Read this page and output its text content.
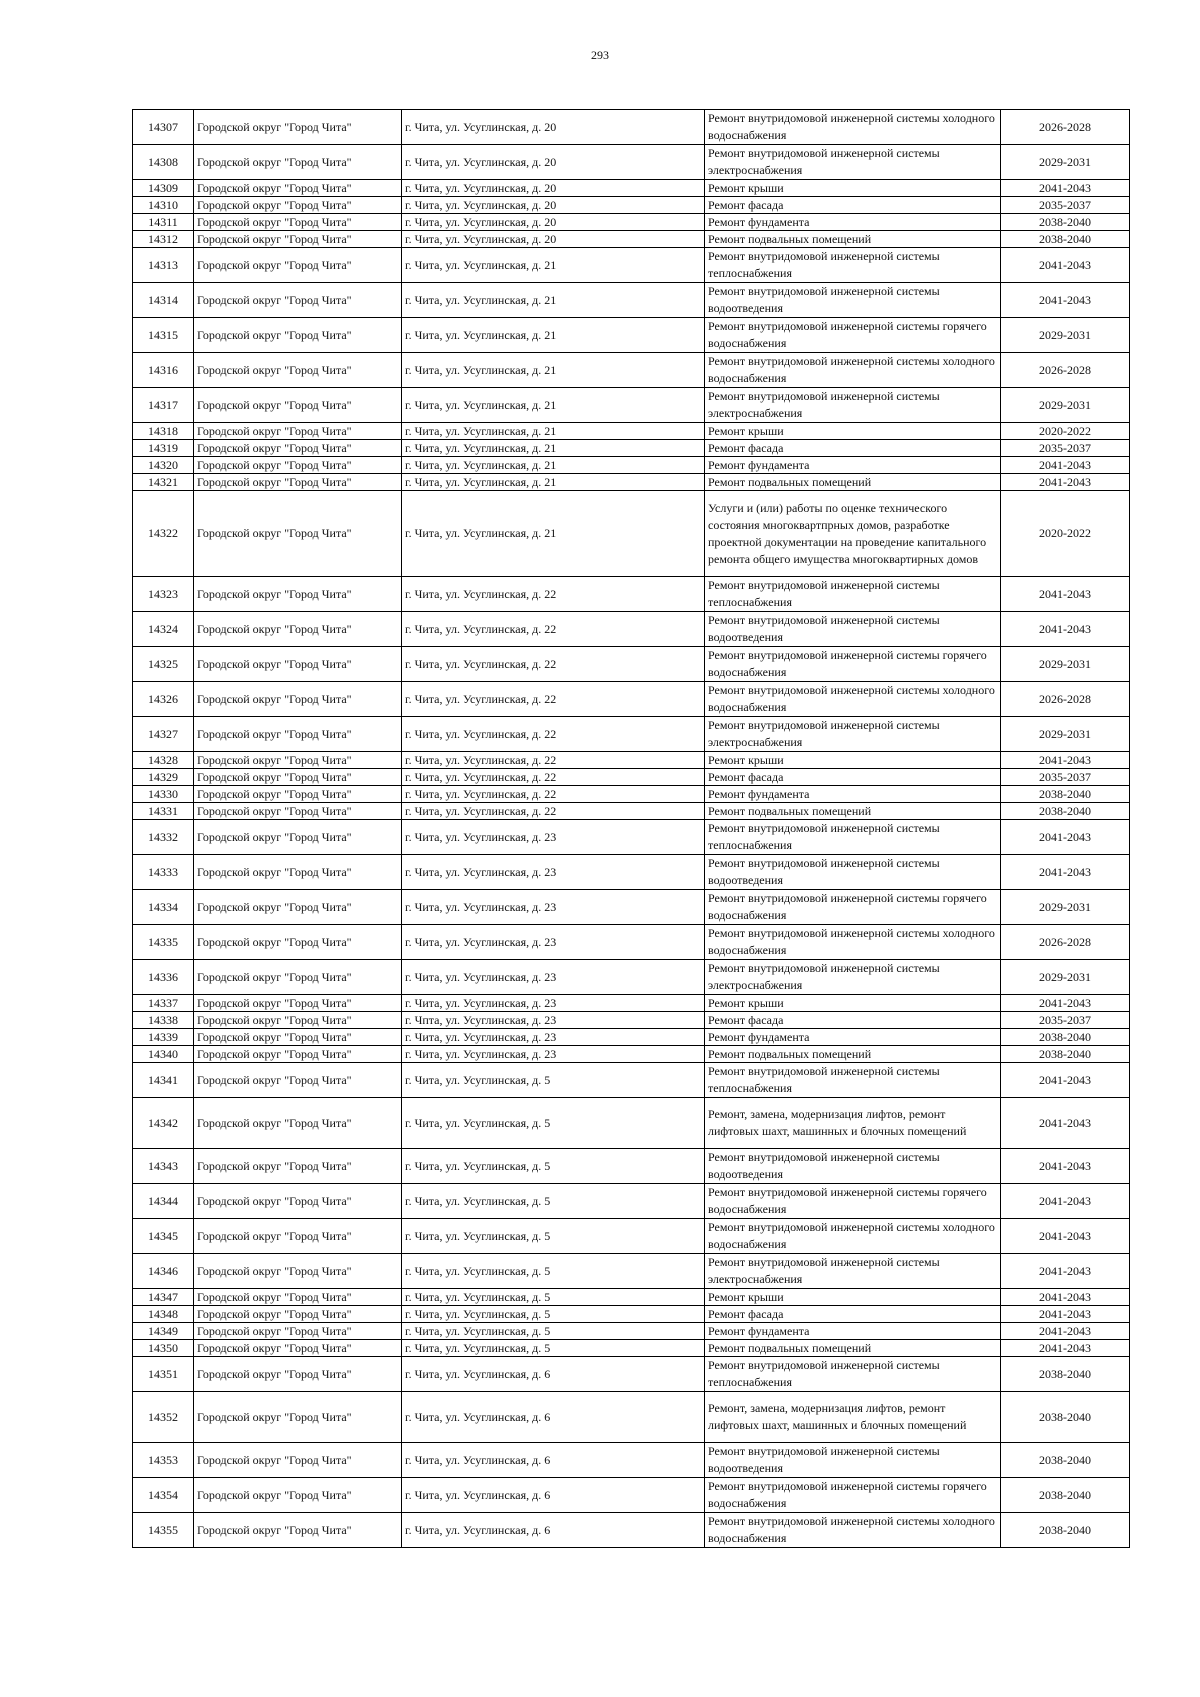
293
14307	Городской округ "Город Чита"	г. Чита, ул. Усуглинская, д. 20	Ремонт внутридомовой инженерной системы холодного водоснабжения	2026-2028
14308	Городской округ "Город Чита"	г. Чита, ул. Усуглинская, д. 20	Ремонт внутридомовой инженерной системы электроснабжения	2029-2031
14309	Городской округ "Город Чита"	г. Чита, ул. Усуглинская, д. 20	Ремонт крыши	2041-2043
14310	Городской округ "Город Чита"	г. Чита, ул. Усуглинская, д. 20	Ремонт фасада	2035-2037
14311	Городской округ "Город Чита"	г. Чита, ул. Усуглинская, д. 20	Ремонт фундамента	2038-2040
14312	Городской округ "Город Чита"	г. Чита, ул. Усуглинская, д. 20	Ремонт подвальных помещений	2038-2040
14313	Городской округ "Город Чита"	г. Чита, ул. Усуглинская, д. 21	Ремонт внутридомовой инженерной системы теплоснабжения	2041-2043
14314	Городской округ "Город Чита"	г. Чита, ул. Усуглинская, д. 21	Ремонт внутридомовой инженерной системы водоотведения	2041-2043
14315	Городской округ "Город Чита"	г. Чита, ул. Усуглинская, д. 21	Ремонт внутридомовой инженерной системы горячего водоснабжения	2029-2031
14316	Городской округ "Город Чита"	г. Чита, ул. Усуглинская, д. 21	Ремонт внутридомовой инженерной системы холодного водоснабжения	2026-2028
14317	Городской округ "Город Чита"	г. Чита, ул. Усуглинская, д. 21	Ремонт внутридомовой инженерной системы электроснабжения	2029-2031
14318	Городской округ "Город Чита"	г. Чита, ул. Усуглинская, д. 21	Ремонт крыши	2020-2022
14319	Городской округ "Город Чита"	г. Чита, ул. Усуглинская, д. 21	Ремонт фасада	2035-2037
14320	Городской округ "Город Чита"	г. Чита, ул. Усуглинская, д. 21	Ремонт фундамента	2041-2043
14321	Городской округ "Город Чита"	г. Чита, ул. Усуглинская, д. 21	Ремонт подвальных помещений	2041-2043
14322	Городской округ "Город Чита"	г. Чита, ул. Усуглинская, д. 21	Услуги и (или) работы по оценке технического состояния многоквартпрных домов, разработке проектной документации на проведение капитального ремонта общего имущества многоквартирных домов	2020-2022
14323	Городской округ "Город Чита"	г. Чита, ул. Усуглинская, д. 22	Ремонт внутридомовой инженерной системы теплоснабжения	2041-2043
14324	Городской округ "Город Чита"	г. Чита, ул. Усуглинская, д. 22	Ремонт внутридомовой инженерной системы водоотведения	2041-2043
14325	Городской округ "Город Чита"	г. Чита, ул. Усуглинская, д. 22	Ремонт внутридомовой инженерной системы горячего водоснабжения	2029-2031
14326	Городской округ "Город Чита"	г. Чита, ул. Усуглинская, д. 22	Ремонт внутридомовой инженерной системы холодного водоснабжения	2026-2028
14327	Городской округ "Город Чита"	г. Чита, ул. Усуглинская, д. 22	Ремонт внутридомовой инженерной системы электроснабжения	2029-2031
14328	Городской округ "Город Чита"	г. Чита, ул. Усуглинская, д. 22	Ремонт крыши	2041-2043
14329	Городской округ "Город Чита"	г. Чита, ул. Усуглинская, д. 22	Ремонт фасада	2035-2037
14330	Городской округ "Город Чита"	г. Чита, ул. Усуглинская, д. 22	Ремонт фундамента	2038-2040
14331	Городской округ "Город Чита"	г. Чита, ул. Усуглинская, д. 22	Ремонт подвальных помещений	2038-2040
14332	Городской округ "Город Чита"	г. Чита, ул. Усуглинская, д. 23	Ремонт внутридомовой инженерной системы теплоснабжения	2041-2043
14333	Городской округ "Город Чита"	г. Чита, ул. Усуглинская, д. 23	Ремонт внутридомовой инженерной системы водоотведения	2041-2043
14334	Городской округ "Город Чита"	г. Чита, ул. Усуглинская, д. 23	Ремонт внутридомовой инженерной системы горячего водоснабжения	2029-2031
14335	Городской округ "Город Чита"	г. Чита, ул. Усуглинская, д. 23	Ремонт внутридомовой инженерной системы холодного водоснабжения	2026-2028
14336	Городской округ "Город Чита"	г. Чита, ул. Усуглинская, д. 23	Ремонт внутридомовой инженерной системы электроснабжения	2029-2031
14337	Городской округ "Город Чита"	г. Чита, ул. Усуглинская, д. 23	Ремонт крыши	2041-2043
14338	Городской округ "Город Чита"	г. Чпта, ул. Усуглинская, д. 23	Ремонт фасада	2035-2037
14339	Городской округ "Город Чита"	г. Чита, ул. Усуглинская, д. 23	Ремонт фундамента	2038-2040
14340	Городской округ "Город Чита"	г. Чита, ул. Усуглинская, д. 23	Ремонт подвальных помещений	2038-2040
14341	Городской округ "Город Чита"	г. Чита, ул. Усуглинская, д. 5	Ремонт внутридомовой инженерной системы теплоснабжения	2041-2043
14342	Городской округ "Город Чита"	г. Чита, ул. Усуглинская, д. 5	Ремонт, замена, модернизация лифтов, ремонт лифтовых шахт, машинных и блочных помещений	2041-2043
14343	Городской округ "Город Чита"	г. Чита, ул. Усуглинская, д. 5	Ремонт внутридомовой инженерной системы водоотведения	2041-2043
14344	Городской округ "Город Чита"	г. Чита, ул. Усуглинская, д. 5	Ремонт внутридомовой инженерной системы горячего водоснабжения	2041-2043
14345	Городской округ "Город Чита"	г. Чита, ул. Усуглинская, д. 5	Ремонт внутридомовой инженерной системы холодного водоснабжения	2041-2043
14346	Городской округ "Город Чита"	г. Чита, ул. Усуглинская, д. 5	Ремонт внутридомовой инженерной системы электроснабжения	2041-2043
14347	Городской округ "Город Чита"	г. Чита, ул. Усуглинская, д. 5	Ремонт крыши	2041-2043
14348	Городской округ "Город Чита"	г. Чита, ул. Усуглинская, д. 5	Ремонт фасада	2041-2043
14349	Городской округ "Город Чита"	г. Чита, ул. Усуглинская, д. 5	Ремонт фундамента	2041-2043
14350	Городской округ "Город Чита"	г. Чита, ул. Усуглинская, д. 5	Ремонт подвальных помещений	2041-2043
14351	Городской округ "Город Чита"	г. Чита, ул. Усуглинская, д. 6	Ремонт внутридомовой инженерной системы теплоснабжения	2038-2040
14352	Городской округ "Город Чита"	г. Чита, ул. Усуглинская, д. 6	Ремонт, замена, модернизация лифтов, ремонт лифтовых шахт, машинных и блочных помещений	2038-2040
14353	Городской округ "Город Чита"	г. Чита, ул. Усуглинская, д. 6	Ремонт внутридомовой инженерной системы водоотведения	2038-2040
14354	Городской округ "Город Чита"	г. Чита, ул. Усуглинская, д. 6	Ремонт внутридомовой инженерной системы горячего водоснабжения	2038-2040
14355	Городской округ "Город Чита"	г. Чита, ул. Усуглинская, д. 6	Ремонт внутридомовой инженерной системы холодного водоснабжения	2038-2040
